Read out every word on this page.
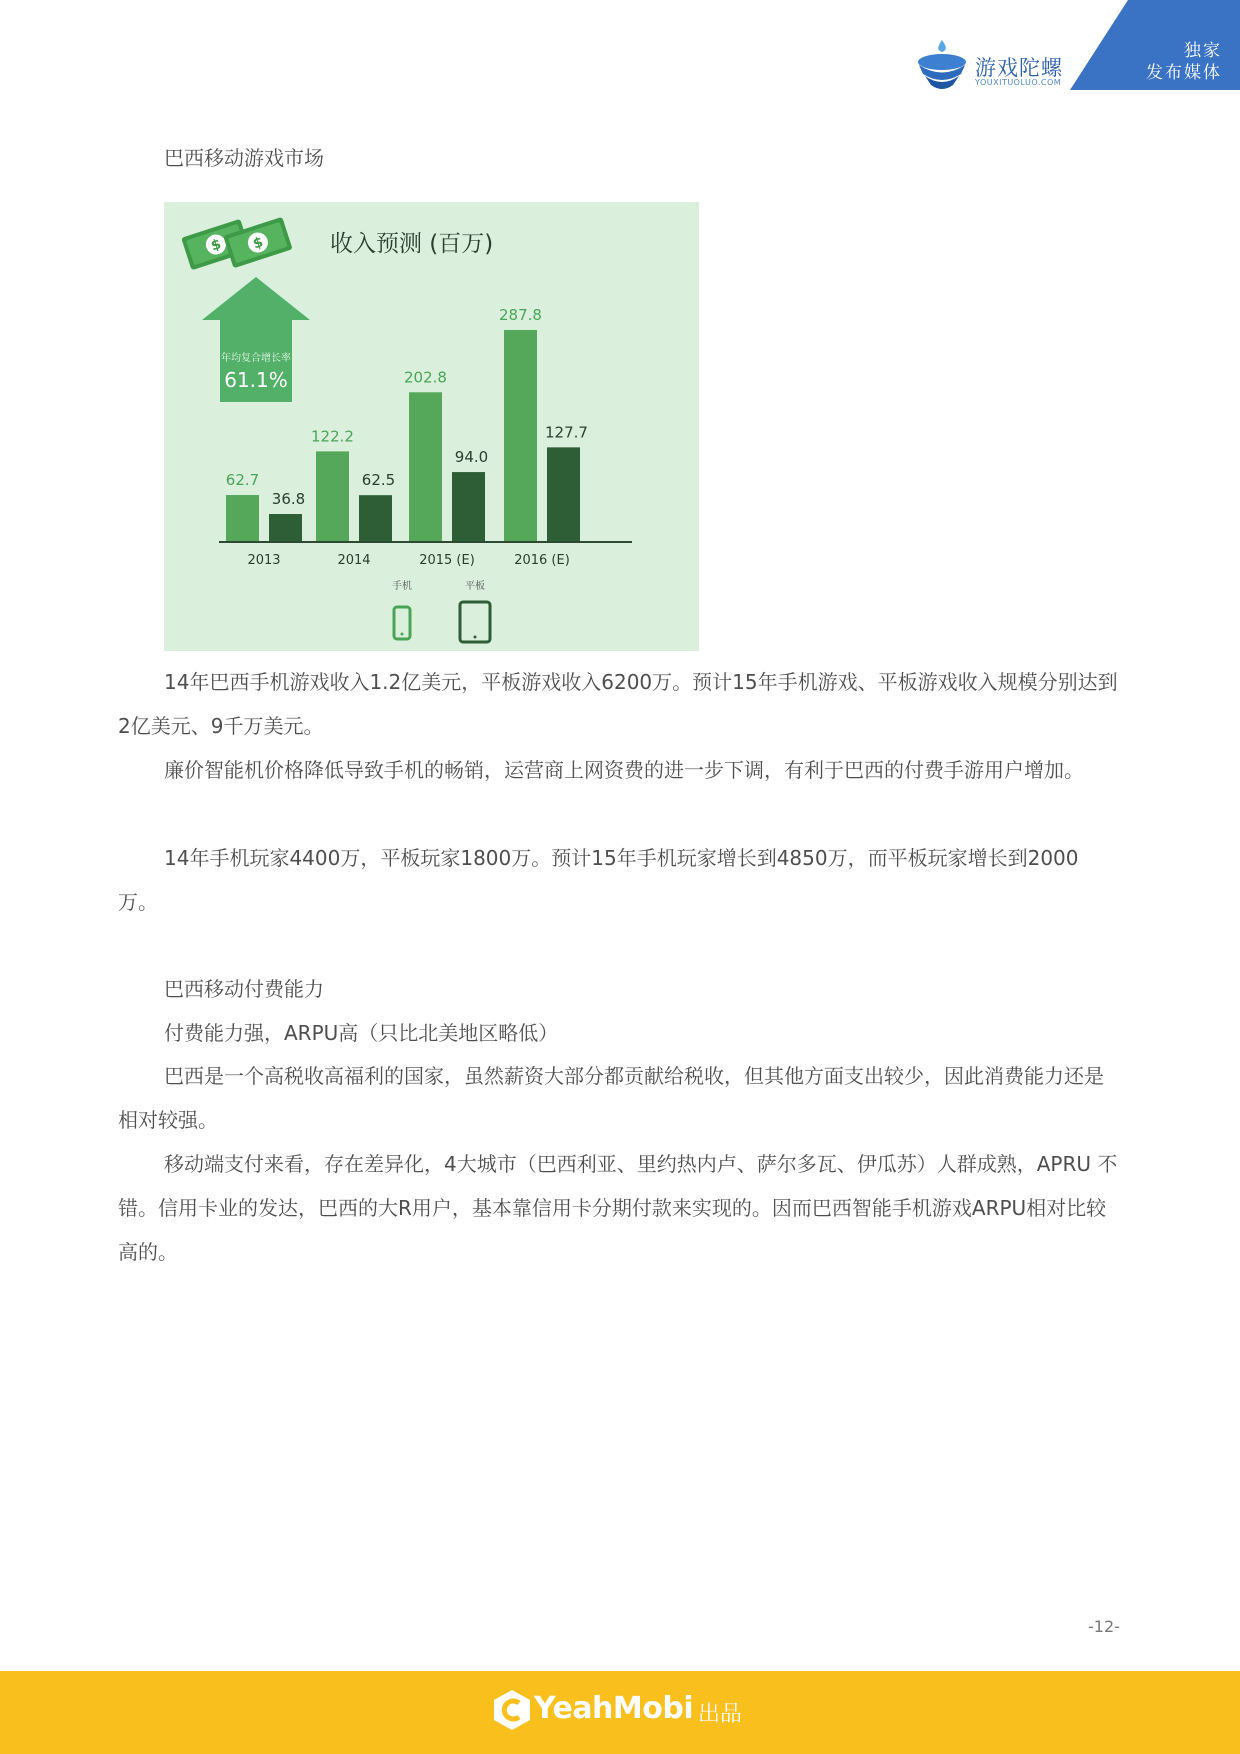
游戏陀螺
YOUXITUOLUO.COM
独家
发布媒体
巴西移动游戏市场
$ $	收入预测 (百万)
年均复合增长率
61.1%
62.7
36.8
122.2
62.5
202.8
94.0
287.8
127.7
2013	2014	2015 (E)	2016 (E)
手机	平板

14年巴西手机游戏收入1.2亿美元，平板游戏收入6200万。预计15年手机游戏、平板游戏收入规模分别达到2亿美元、9千万美元。

廉价智能机价格降低导致手机的畅销，运营商上网资费的进一步下调，有利于巴西的付费手游用户增加。

14年手机玩家4400万，平板玩家1800万。预计15年手机玩家增长到4850万，而平板玩家增长到2000万。

巴西移动付费能力
付费能力强，ARPU高（只比北美地区略低）

巴西是一个高税收高福利的国家，虽然薪资大部分都贡献给税收，但其他方面支出较少，因此消费能力还是相对较强。

移动端支付来看，存在差异化，4大城市（巴西利亚、里约热内卢、萨尔多瓦、伊瓜苏）人群成熟，APRU 不错。信用卡业的发达，巴西的大R用户，基本靠信用卡分期付款来实现的。因而巴西智能手机游戏ARPU相对比较高的。

-12-
YeahMobi 出品
